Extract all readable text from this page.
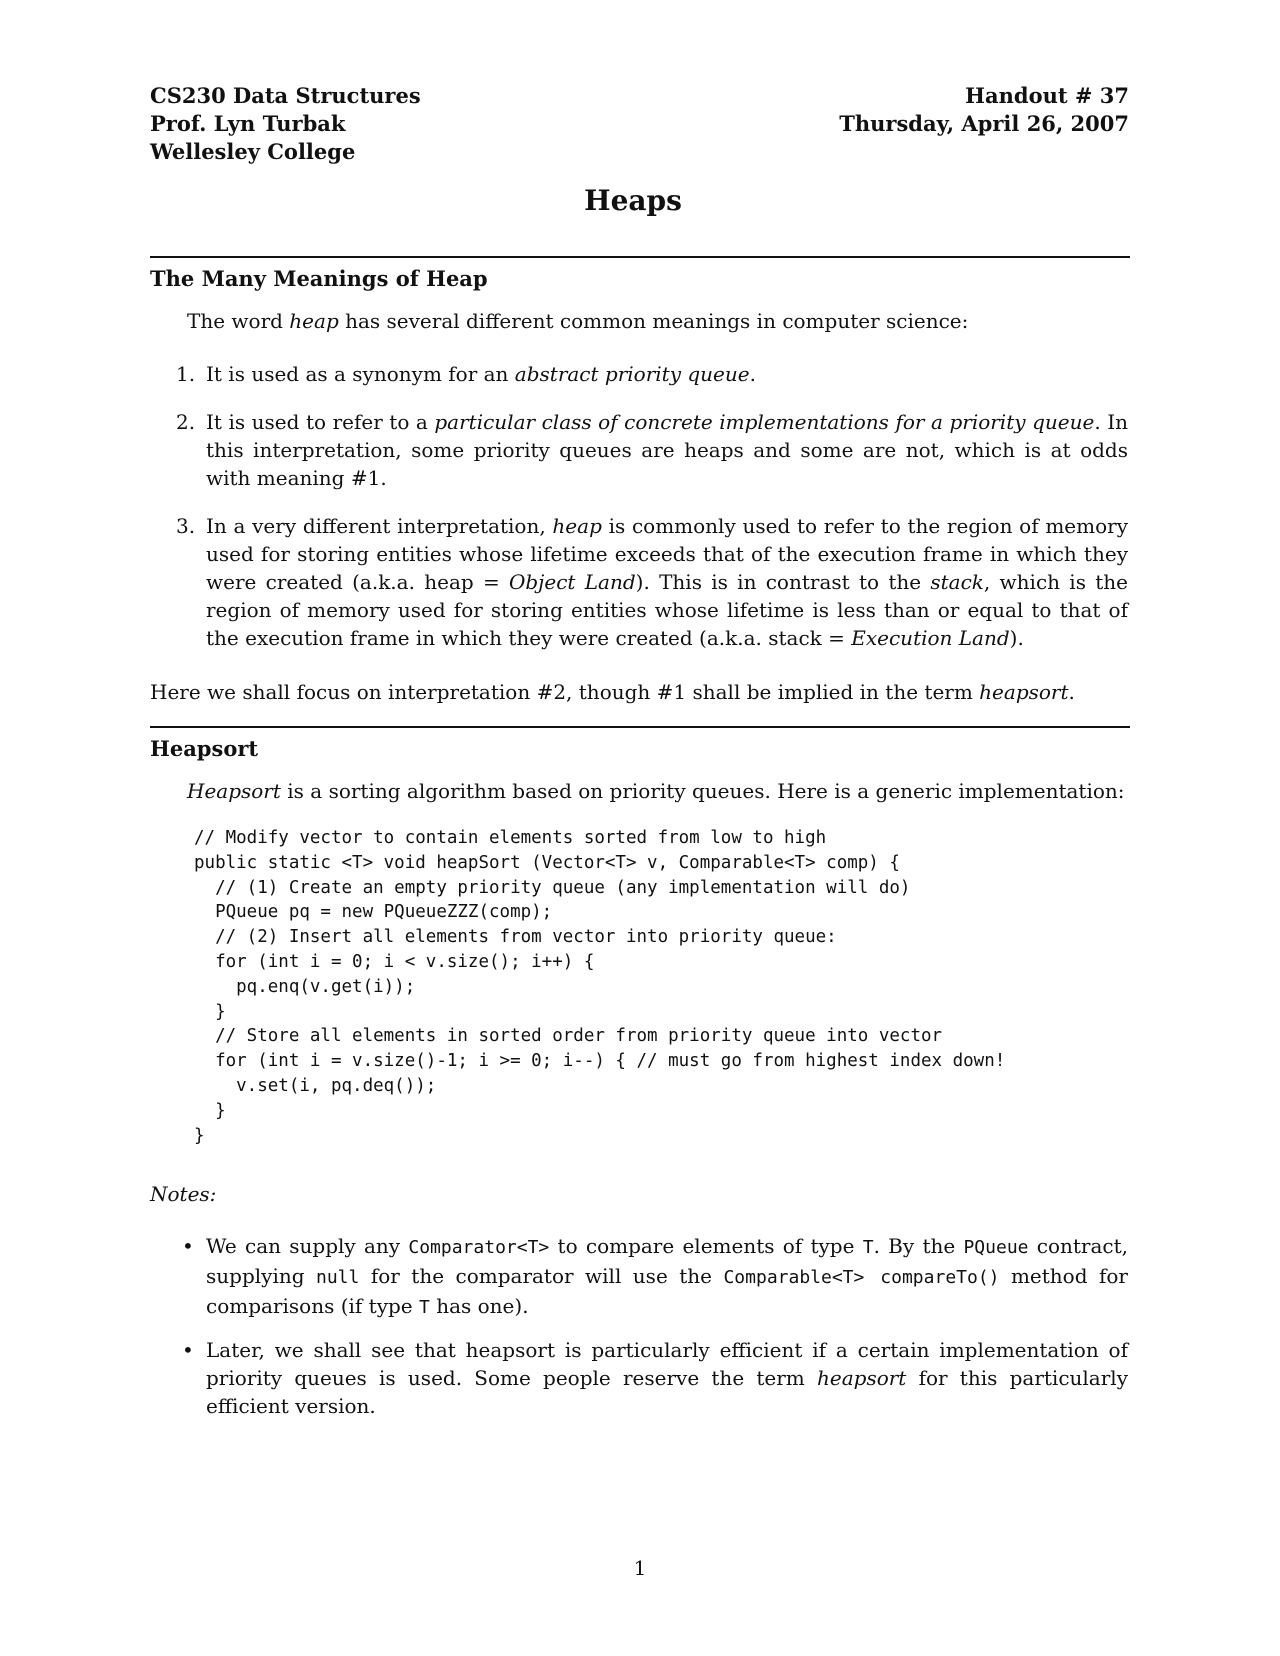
CS230 Data Structures
Prof. Lyn Turbak
Wellesley College
Handout # 37
Thursday, April 26, 2007
Heaps
The Many Meanings of Heap
The word heap has several different common meanings in computer science:
1. It is used as a synonym for an abstract priority queue.
2. It is used to refer to a particular class of concrete implementations for a priority queue. In this interpretation, some priority queues are heaps and some are not, which is at odds with meaning #1.
3. In a very different interpretation, heap is commonly used to refer to the region of memory used for storing entities whose lifetime exceeds that of the execution frame in which they were created (a.k.a. heap = Object Land). This is in contrast to the stack, which is the region of memory used for storing entities whose lifetime is less than or equal to that of the execution frame in which they were created (a.k.a. stack = Execution Land).
Here we shall focus on interpretation #2, though #1 shall be implied in the term heapsort.
Heapsort
Heapsort is a sorting algorithm based on priority queues. Here is a generic implementation:
// Modify vector to contain elements sorted from low to high
public static <T> void heapSort (Vector<T> v, Comparable<T> comp) {
// (1) Create an empty priority queue (any implementation will do)
PQueue pq = new PQueueZZZ(comp);
// (2) Insert all elements from vector into priority queue:
for (int i = 0; i < v.size(); i++) {
pq.enq(v.get(i));
}
// Store all elements in sorted order from priority queue into vector
for (int i = v.size()-1; i >= 0; i--) { // must go from highest index down!
v.set(i, pq.deq());
}
}
Notes:
• We can supply any Comparator<T> to compare elements of type T. By the PQueue contract, supplying null for the comparator will use the Comparable<T> compareTo() method for comparisons (if type T has one).
• Later, we shall see that heapsort is particularly efficient if a certain implementation of priority queues is used. Some people reserve the term heapsort for this particularly efficient version.
1
